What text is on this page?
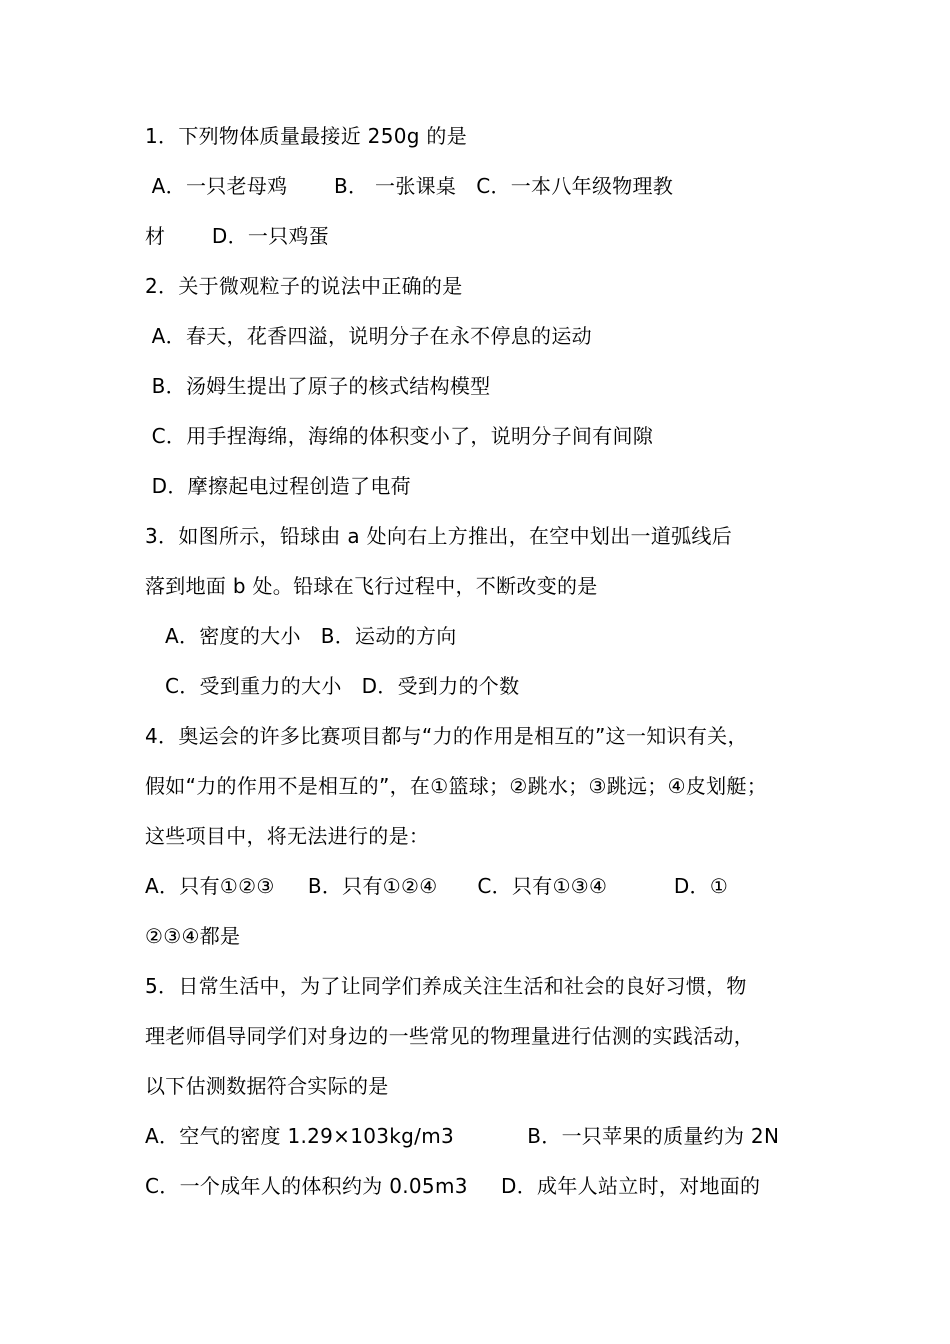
1．下列物体质量最接近 250g 的是
A．一只老母鸡       B． 一张课桌   C．一本八年级物理教
材       D．一只鸡蛋
2．关于微观粒子的说法中正确的是
A．春天，花香四溢，说明分子在永不停息的运动
B．汤姆生提出了原子的核式结构模型
C．用手捏海绵，海绵的体积变小了，说明分子间有间隙
D．摩擦起电过程创造了电荷
3．如图所示，铅球由 a 处向右上方推出，在空中划出一道弧线后
落到地面 b 处。铅球在飞行过程中，不断改变的是
A．密度的大小   B．运动的方向
C．受到重力的大小   D．受到力的个数
4．奥运会的许多比赛项目都与“力的作用是相互的”这一知识有关，
假如“力的作用不是相互的”，在①篮球；②跳水；③跳远；④皮划艇；
这些项目中，将无法进行的是：
A．只有①②③     B．只有①②④      C．只有①③④          D．①
②③④都是
5．日常生活中，为了让同学们养成关注生活和社会的良好习惯，物
理老师倡导同学们对身边的一些常见的物理量进行估测的实践活动，
以下估测数据符合实际的是
A．空气的密度 1.29×103kg/m3           B．一只苹果的质量约为 2N
C．一个成年人的体积约为 0.05m3     D．成年人站立时，对地面的
